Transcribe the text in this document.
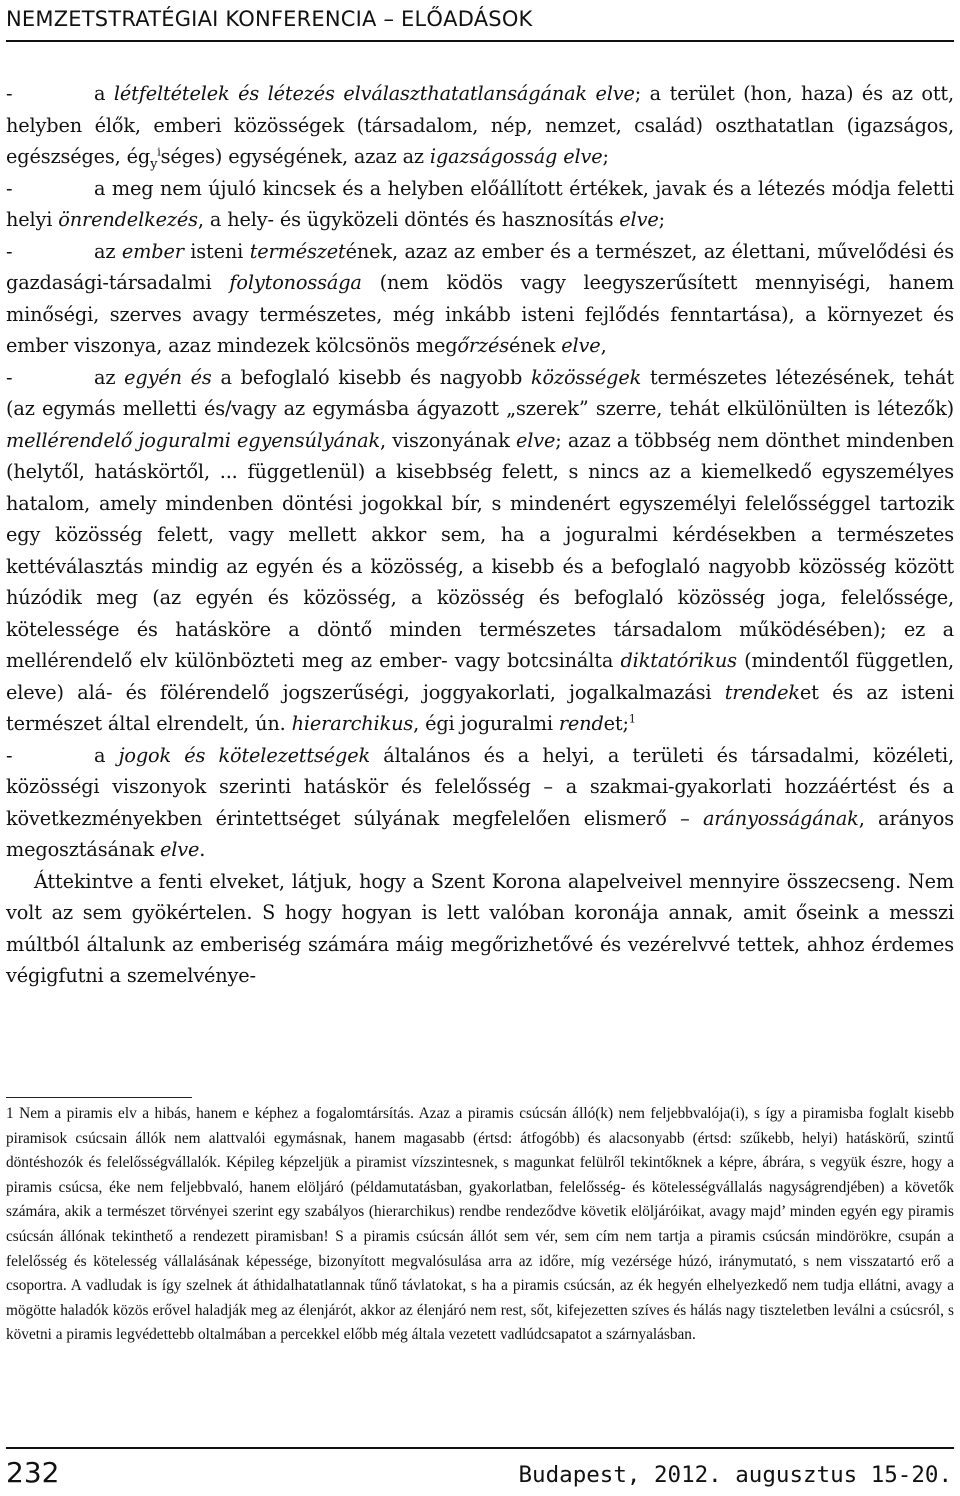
NEMZETSTRATÉGIAI KONFERENCIA – ELŐADÁSOK

-	a létfeltételek és létezés elválaszthatatlanságának elve; a terület (hon, haza) és az ott, helyben élők, emberi közösségek (társadalom, nép, nemzet, család) oszthatatlan (igazságos, egészséges, $ég_y^iséges$) egységének, azaz az igazságosság elve;

-	a meg nem újuló kincsek és a helyben előállított értékek, javak és a létezés módja feletti helyi önrendelkezés, a hely- és ügyközeli döntés és hasznosítás elve;

-	az ember isteni természetének, azaz az ember és a természet, az élettani, művelődési és gazdasági-társadalmi folytonossága (nem ködös vagy leegyszerűsített mennyiségi, hanem minőségi, szerves avagy természetes, még inkább isteni fejlődés fenntartása), a környezet és ember viszonya, azaz mindezek kölcsönös megőrzésének elve,

-	az egyén és a befoglaló kisebb és nagyobb közösségek természetes létezésének, tehát (az egymás melletti és/vagy az egymásba ágyazott „szerek” szerre, tehát elkülönülten is létezők) mellérendelő joguralmi egyensúlyának, viszonyának elve; azaz a többség nem dönthet mindenben (helytől, hatáskörtől, ... függetlenül) a kisebbség felett, s nincs az a kiemelkedő egyszemélyes hatalom, amely mindenben döntési jogokkal bír, s mindenért egyszemélyi felelősséggel tartozik egy közösség felett, vagy mellett akkor sem, ha a joguralmi kérdésekben a természetes kettéválasztás mindig az egyén és a közösség, a kisebb és a befoglaló nagyobb közösség között húzódik meg (az egyén és közösség, a közösség és befoglaló közösség joga, felelőssége, kötelessége és hatásköre a döntő minden természetes társadalom működésében); ez a mellérendelő elv különbözteti meg az ember- vagy botcsinálta diktatórikus (mindentől független, eleve) alá- és fölérendelő jogszerűségi, joggyakorlati, jogalkalmazási trendeket és az isteni természet által elrendelt, ún. hierarchikus, égi joguralmi rendet;$^1$

-	a jogok és kötelezettségek általános és a helyi, a területi és társadalmi, közéleti, közösségi viszonyok szerinti hatáskör és felelősség – a szakmai-gyakorlati hozzáértést és a következményekben érintettséget súlyának megfelelően elismerő – arányosságának, arányos megosztásának elve.

Áttekintve a fenti elveket, látjuk, hogy a Szent Korona alapelveivel mennyire összecseng. Nem volt az sem gyökértelen. S hogy hogyan is lett valóban koronája annak, amit őseink a messzi múltból általunk az emberiség számára máig megőrizhetővé és vezérelvvé tettek, ahhoz érdemes végigfutni a szemelvénye-

1 Nem a piramis elv a hibás, hanem e képhez a fogalomtársítás. Azaz a piramis csúcsán álló(k) nem feljebbvalója(i), s így a piramisba foglalt kisebb piramisok csúcsain állók nem alattvalói egymásnak, hanem magasabb (értsd: átfogóbb) és alacsonyabb (értsd: szűkebb, helyi) hatáskörű, szintű döntéshozók és felelősségvállalók. Képileg képzeljük a piramist vízszintesnek, s magunkat felülről tekintőknek a képre, ábrára, s vegyük észre, hogy a piramis csúcsa, éke nem feljebbvaló, hanem elöljáró (példamutatásban, gyakorlatban, felelősség- és kötelességvállalás nagyságrendjében) a követők számára, akik a természet törvényei szerint egy szabályos (hierarchikus) rendbe rendeződve követik elöljáróikat, avagy majd’ minden egyén egy piramis csúcsán állónak tekinthető a rendezett piramisban! S a piramis csúcsán állót sem vér, sem cím nem tartja a piramis csúcsán mindörökre, csupán a felelősség és kötelesség vállalásának képessége, bizonyított megvalósulása arra az időre, míg vezérsége húzó, iránymutató, s nem visszatartó erő a csoportra. A vadludak is így szelnek át áthidalhatatlannak tűnő távlatokat, s ha a piramis csúcsán, az ék hegyén elhelyezkedő nem tudja ellátni, avagy a mögötte haladók közös erővel haladják meg az élenjárót, akkor az élenjáró nem rest, sőt, kifejezetten szíves és hálás nagy tiszteletben leválni a csúcsról, s követni a piramis legvédettebb oltalmában a percekkel előbb még általa vezetett vadlúdcsapatot a szárnyalásban.
232	Budapest, 2012. augusztus 15-20.
